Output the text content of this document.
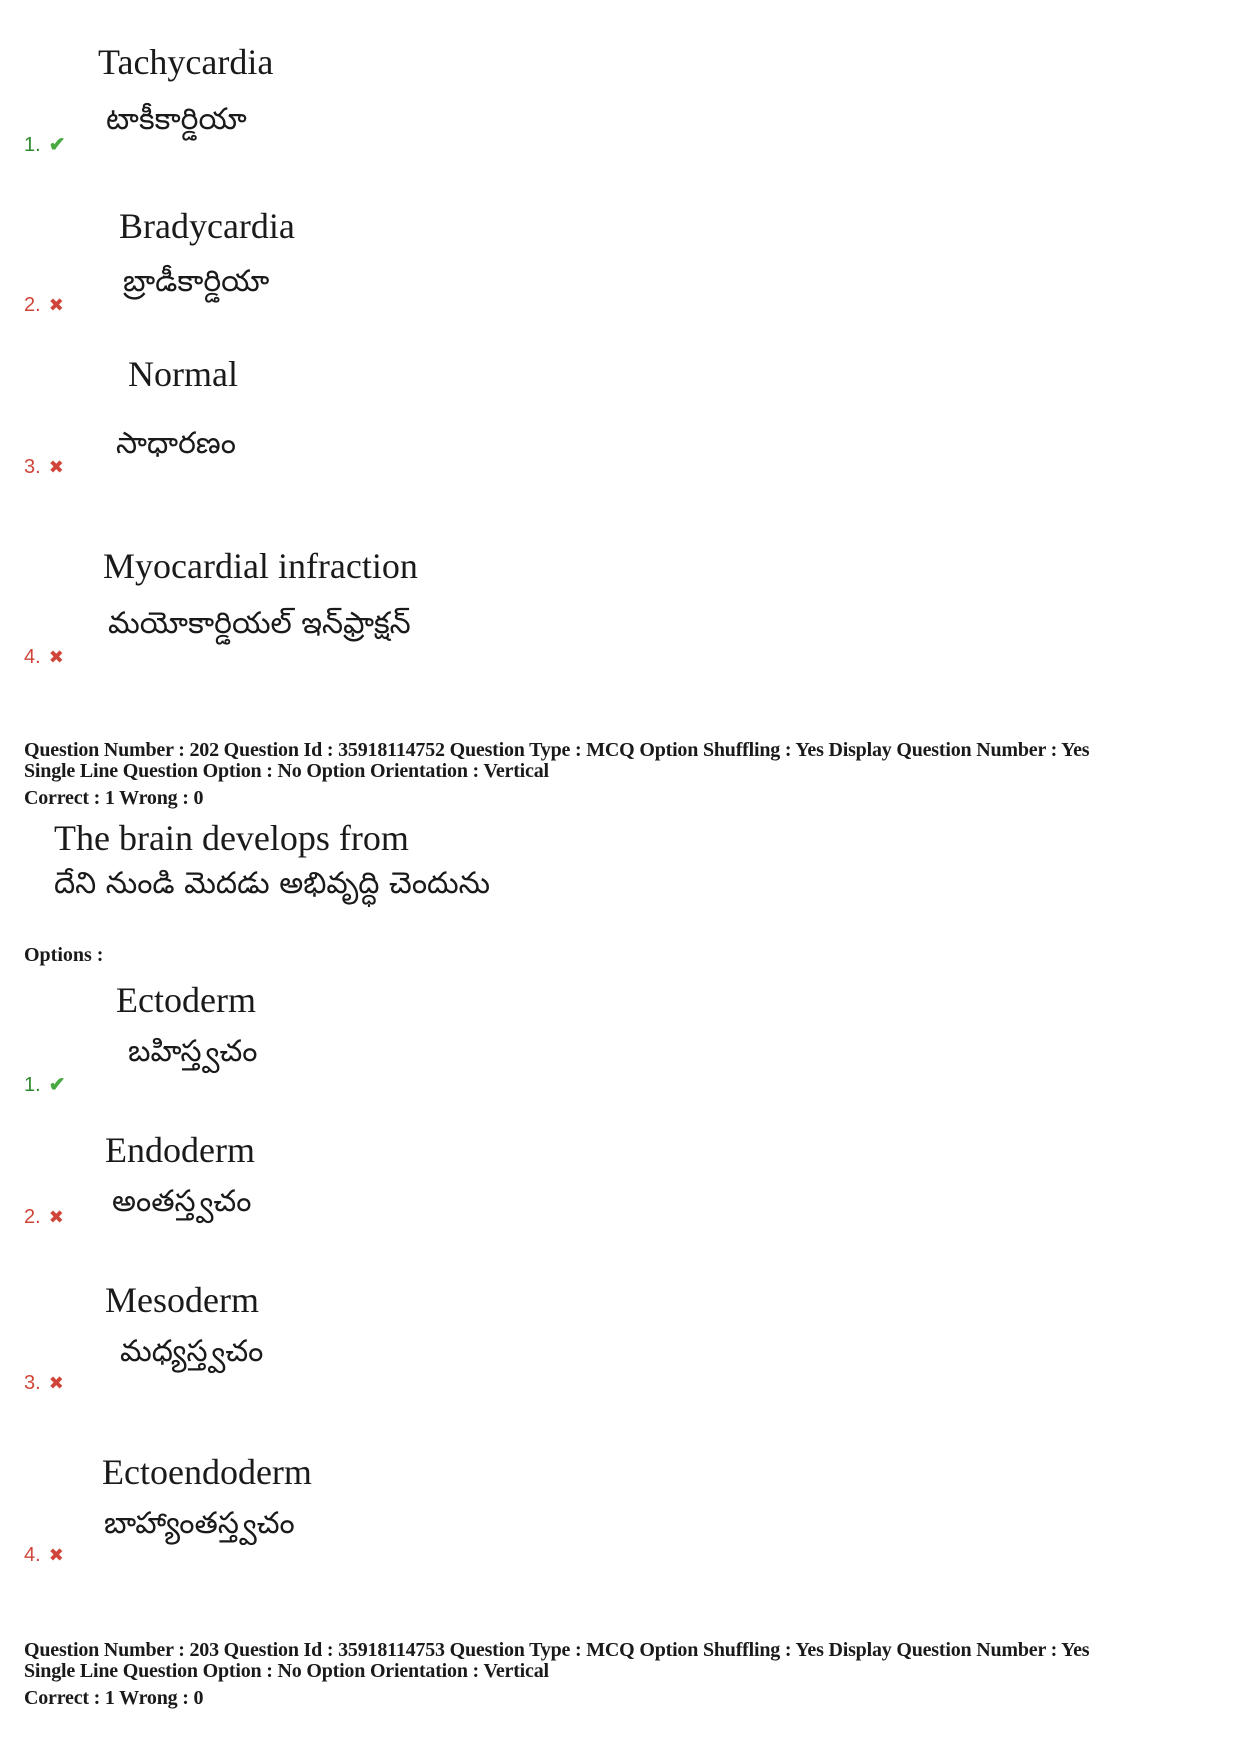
Tachycardia
టాకీకార్డియా
1. ✔
Bradycardia
బ్రాడీకార్డియా
2. ✖
Normal
సాధారణం
3. ✖
Myocardial infraction
మయోకార్డియల్ ఇన్‌ఫ్రాక్షన్
4. ✖
Question Number : 202 Question Id : 35918114752 Question Type : MCQ Option Shuffling : Yes Display Question Number : Yes
Single Line Question Option : No Option Orientation : Vertical
Correct : 1 Wrong : 0
The brain develops from
దేని నుండి మెదడు అభివృద్ధి చెందును
Options :
Ectoderm
బహిస్త్వచం
1. ✔
Endoderm
అంతస్త్వచం
2. ✖
Mesoderm
మధ్యస్త్వచం
3. ✖
Ectoendoderm
బాహ్యాంతస్త్వచం
4. ✖
Question Number : 203 Question Id : 35918114753 Question Type : MCQ Option Shuffling : Yes Display Question Number : Yes
Single Line Question Option : No Option Orientation : Vertical
Correct : 1 Wrong : 0
